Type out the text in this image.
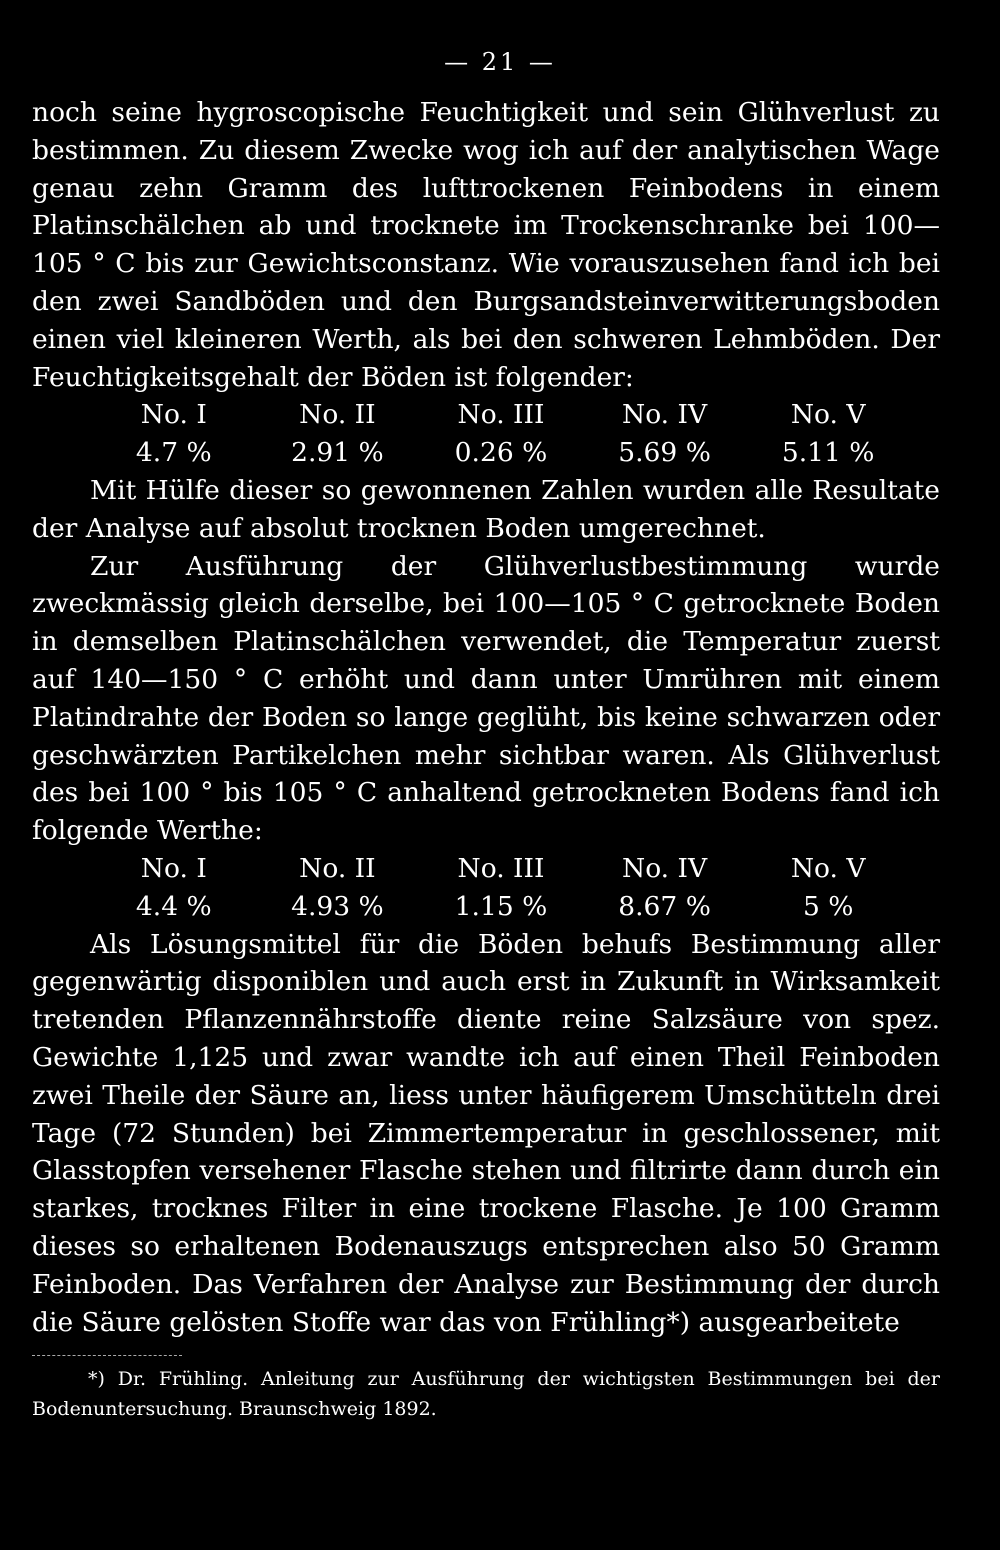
— 21 —

noch seine hygroscopische Feuchtigkeit und sein Glühverlust zu bestimmen. Zu diesem Zwecke wog ich auf der analytischen Wage genau zehn Gramm des lufttrockenen Feinbodens in einem Platinschälchen ab und trocknete im Trockenschranke bei 100—105 ° C bis zur Gewichtsconstanz. Wie vorauszusehen fand ich bei den zwei Sandböden und den Burgsandsteinverwitterungsboden einen viel kleineren Werth, als bei den schweren Lehmböden. Der Feuchtigkeitsgehalt der Böden ist folgender:

No. I	No. II	No. III	No. IV	No. V
4.7 %	2.91 %	0.26 %	5.69 %	5.11 %

Mit Hülfe dieser so gewonnenen Zahlen wurden alle Resultate der Analyse auf absolut trocknen Boden umgerechnet.

Zur Ausführung der Glühverlustbestimmung wurde zweckmässig gleich derselbe, bei 100—105 ° C getrocknete Boden in demselben Platinschälchen verwendet, die Temperatur zuerst auf 140—150 ° C erhöht und dann unter Umrühren mit einem Platindrahte der Boden so lange geglüht, bis keine schwarzen oder geschwärzten Partikelchen mehr sichtbar waren. Als Glühverlust des bei 100 ° bis 105 ° C anhaltend getrockneten Bodens fand ich folgende Werthe:

No. I	No. II	No. III	No. IV	No. V
4.4 %	4.93 %	1.15 %	8.67 %	5 %

Als Lösungsmittel für die Böden behufs Bestimmung aller gegenwärtig disponiblen und auch erst in Zukunft in Wirksamkeit tretenden Pflanzennährstoffe diente reine Salzsäure von spez. Gewichte 1,125 und zwar wandte ich auf einen Theil Feinboden zwei Theile der Säure an, liess unter häufigerem Umschütteln drei Tage (72 Stunden) bei Zimmertemperatur in geschlossener, mit Glasstopfen versehener Flasche stehen und filtrirte dann durch ein starkes, trocknes Filter in eine trockene Flasche. Je 100 Gramm dieses so erhaltenen Bodenauszugs entsprechen also 50 Gramm Feinboden. Das Verfahren der Analyse zur Bestimmung der durch die Säure gelösten Stoffe war das von Frühling*) ausgearbeitete

*) Dr. Frühling. Anleitung zur Ausführung der wichtigsten Bestimmungen bei der Bodenuntersuchung. Braunschweig 1892.
